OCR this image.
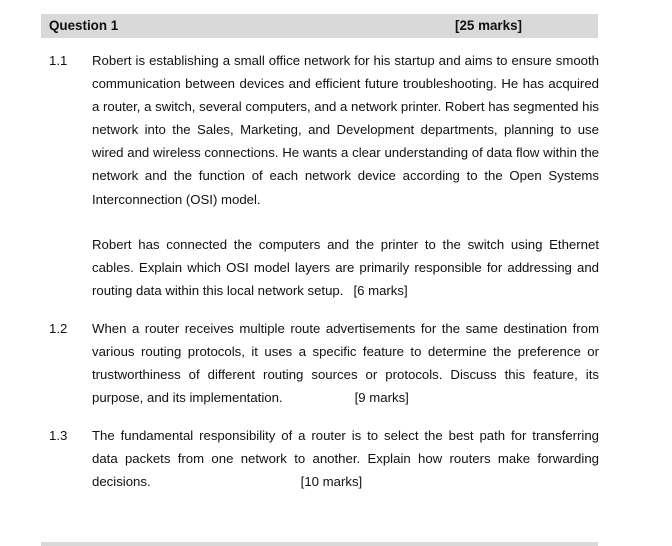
Question 1	[25 marks]
1.1 Robert is establishing a small office network for his startup and aims to ensure smooth communication between devices and efficient future troubleshooting. He has acquired a router, a switch, several computers, and a network printer. Robert has segmented his network into the Sales, Marketing, and Development departments, planning to use wired and wireless connections. He wants a clear understanding of data flow within the network and the function of each network device according to the Open Systems Interconnection (OSI) model.
Robert has connected the computers and the printer to the switch using Ethernet cables. Explain which OSI model layers are primarily responsible for addressing and routing data within this local network setup. [6 marks]
1.2 When a router receives multiple route advertisements for the same destination from various routing protocols, it uses a specific feature to determine the preference or trustworthiness of different routing sources or protocols. Discuss this feature, its purpose, and its implementation.	[9 marks]
1.3 The fundamental responsibility of a router is to select the best path for transferring data packets from one network to another. Explain how routers make forwarding decisions.	[10 marks]
